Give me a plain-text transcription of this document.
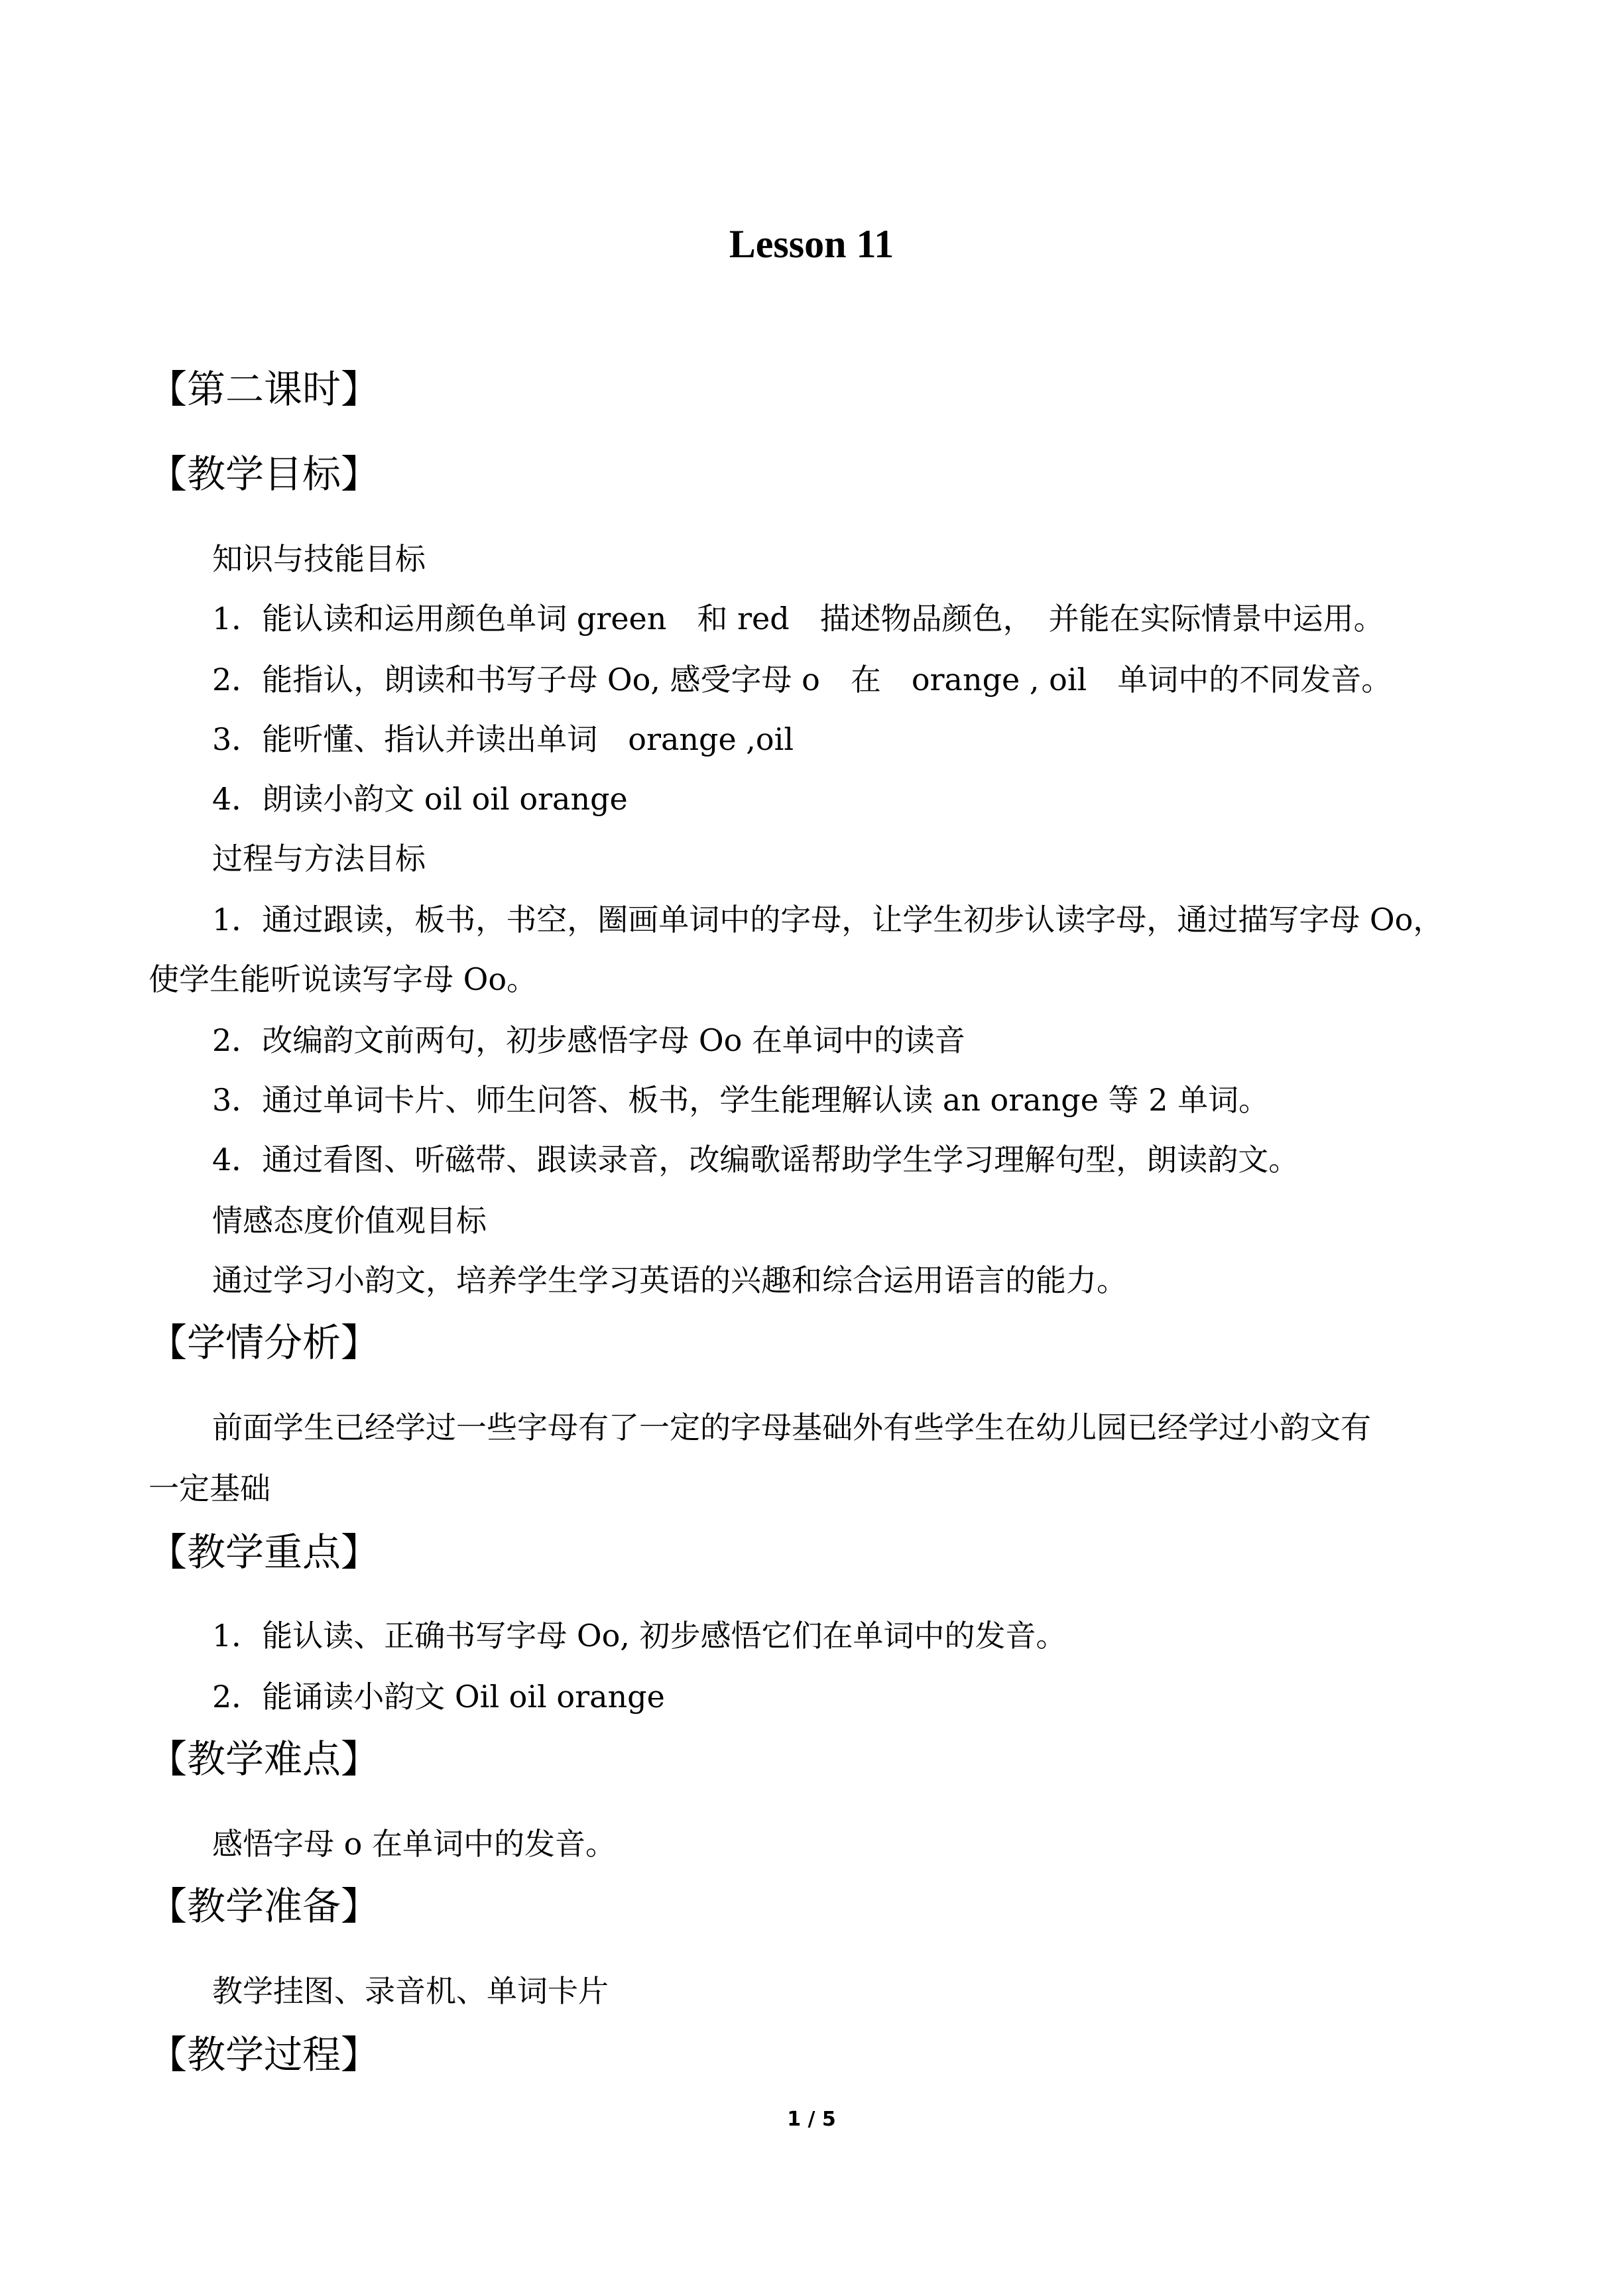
Lesson 11
【第二课时】
【教学目标】
知识与技能目标
1．能认读和运用颜色单词 green　和 red　描述物品颜色，　并能在实际情景中运用。
2．能指认，朗读和书写子母 Oo, 感受字母 o　在　orange , oil　单词中的不同发音。
3．能听懂、指认并读出单词　orange ,oil
4．朗读小韵文 oil oil orange
过程与方法目标
1．通过跟读，板书，书空，圈画单词中的字母，让学生初步认读字母，通过描写字母 Oo，
使学生能听说读写字母 Oo。
2．改编韵文前两句，初步感悟字母 Oo 在单词中的读音
3．通过单词卡片、师生问答、板书，学生能理解认读 an orange 等 2 单词。
4．通过看图、听磁带、跟读录音，改编歌谣帮助学生学习理解句型，朗读韵文。
情感态度价值观目标
通过学习小韵文，培养学生学习英语的兴趣和综合运用语言的能力。
【学情分析】
前面学生已经学过一些字母有了一定的字母基础外有些学生在幼儿园已经学过小韵文有
一定基础
【教学重点】
1．能认读、正确书写字母 Oo, 初步感悟它们在单词中的发音。
2．能诵读小韵文 Oil oil orange
【教学难点】
感悟字母 o 在单词中的发音。
【教学准备】
教学挂图、录音机、单词卡片
【教学过程】
1 / 5
